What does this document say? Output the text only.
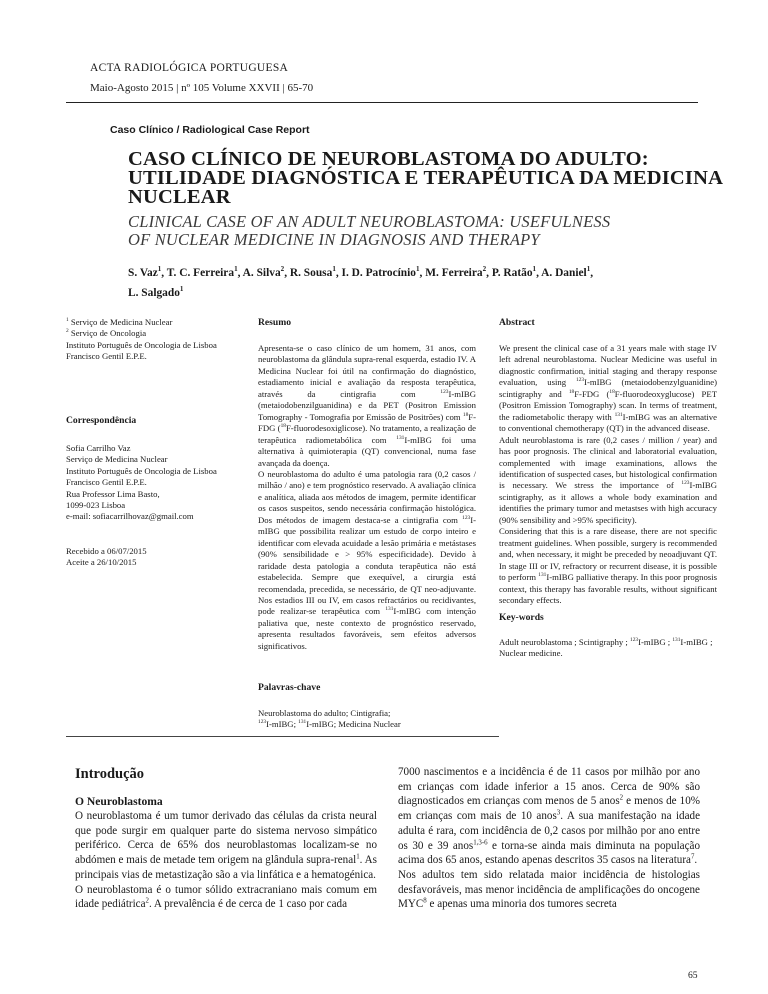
ACTA RADIOLÓGICA PORTUGUESA
Maio-Agosto 2015 | nº 105 Volume XXVII | 65-70
Caso Clínico / Radiological Case Report
CASO CLÍNICO DE NEUROBLASTOMA DO ADULTO:
UTILIDADE DIAGNÓSTICA E TERAPÊUTICA DA MEDICINA
NUCLEAR
CLINICAL CASE OF AN ADULT NEUROBLASTOMA: USEFULNESS
OF NUCLEAR MEDICINE IN DIAGNOSIS AND THERAPY
S. Vaz$^1$, T. C. Ferreira$^1$, A. Silva$^2$, R. Sousa$^1$, I. D. Patrocínio$^1$, M. Ferreira$^2$, P. Ratão$^1$, A. Daniel$^1$,
L. Salgado$^1$
$^1$ Serviço de Medicina Nuclear
$^2$ Serviço de Oncologia
Instituto Português de Oncologia de Lisboa
Francisco Gentil E.P.E.
Correspondência
Sofia Carrilho Vaz
Serviço de Medicina Nuclear
Instituto Português de Oncologia de Lisboa
Francisco Gentil E.P.E.
Rua Professor Lima Basto,
1099-023 Lisboa
e-mail: sofiacarrilhovaz@gmail.com
Recebido a 06/07/2015
Aceite a 26/10/2015
Resumo
Apresenta-se o caso clínico de um homem, 31 anos, com neuroblastoma da glândula supra-renal esquerda, estadio IV. A Medicina Nuclear foi útil na confirmação do diagnóstico, estadiamento inicial e avaliação da resposta terapêutica, através da cintigrafia com $^{123}$I-mIBG (metaiodobenzilguanidina) e da PET (Positron Emission Tomography - Tomografia por Emissão de Positrões) com $^{18}$F-FDG ($^{18}$F-fluorodesoxiglicose). No tratamento, a realização de terapêutica radiometabólica com $^{131}$I-mIBG foi uma alternativa à quimioterapia (QT) convencional, numa fase avançada da doença.
O neuroblastoma do adulto é uma patologia rara (0,2 casos / milhão / ano) e tem prognóstico reservado. A avaliação clínica e analítica, aliada aos métodos de imagem, permite identificar os casos suspeitos, sendo necessária confirmação histológica. Dos métodos de imagem destaca-se a cintigrafia com $^{123}$I-mIBG que possibilita realizar um estudo de corpo inteiro e identificar com elevada acuidade a lesão primária e metástases (90% sensibilidade e > 95% especificidade). Devido à raridade desta patologia a conduta terapêutica não está estabelecida. Sempre que exequível, a cirurgia está recomendada, precedida, se necessário, de QT neo-adjuvante. Nos estadios III ou IV, em casos refractários ou recidivantes, pode realizar-se terapêutica com $^{131}$I-mIBG com intenção paliativa que, neste contexto de prognóstico reservado, apresenta resultados favoráveis, sem efeitos adversos significativos.
Abstract
We present the clinical case of a 31 years male with stage IV left adrenal neuroblastoma. Nuclear Medicine was useful in diagnostic confirmation, initial staging and therapy response evaluation, using $^{123}$I-mIBG (metaiodobenzylguanidine) scintigraphy and $^{18}$F-FDG ($^{18}$F-fluorodeoxyglucose) PET (Positron Emission Tomography) scan. In terms of treatment, the radiometabolic therapy with $^{131}$I-mIBG was an alternative to conventional chemotherapy (QT) in the advanced disease.
Adult neuroblastoma is rare (0,2 cases / million / year) and has poor prognosis. The clinical and laboratorial evaluation, complemented with image examinations, allows the identification of suspected cases, but histological confirmation is necessary. We stress the importance of $^{123}$I-mIBG scintigraphy, as it allows a whole body examination and identifies the primary tumor and metastses with high accuracy (90% sensibility and >95% specificity).
Considering that this is a rare disease, there are not specific treatment guidelines. When possible, surgery is recommended and, when necessary, it might be preceded by neoadjuvant QT. In stage III or IV, refractory or recurrent disease, it is possible to perform $^{131}$I-mIBG palliative therapy. In this poor prognosis context, this therapy has favorable results, without significant secondary effects.
Palavras-chave
Neuroblastoma do adulto; Cintigrafia;
$^{123}$I-mIBG; $^{131}$I-mIBG; Medicina Nuclear
Key-words
Adult neuroblastoma ; Scintigraphy ; $^{123}$I-mIBG ; $^{131}$I-mIBG ; Nuclear medicine.
Introdução
O Neuroblastoma
O neuroblastoma é um tumor derivado das células da crista neural que pode surgir em qualquer parte do sistema nervoso simpático periférico. Cerca de 65% dos neuroblastomas localizam-se no abdómen e mais de metade tem origem na glândula supra-renal$^1$. As principais vias de metastização são a via linfática e a hematogénica.
O neuroblastoma é o tumor sólido extracraniano mais comum em idade pediátrica$^2$. A prevalência é de cerca de 1 caso por cada
7000 nascimentos e a incidência é de 11 casos por milhão por ano em crianças com idade inferior a 15 anos. Cerca de 90% são diagnosticados em crianças com menos de 5 anos$^2$ e menos de 10% em crianças com mais de 10 anos$^3$. A sua manifestação na idade adulta é rara, com incidência de 0,2 casos por milhão por ano entre os 30 e 39 anos$^{1,3-6}$ e torna-se ainda mais diminuta na população acima dos 65 anos, estando apenas descritos 35 casos na literatura$^7$.
Nos adultos tem sido relatada maior incidência de histologias desfavoráveis, mas menor incidência de amplificações do oncogene MYC$^8$ e apenas uma minoria dos tumores secreta
65
